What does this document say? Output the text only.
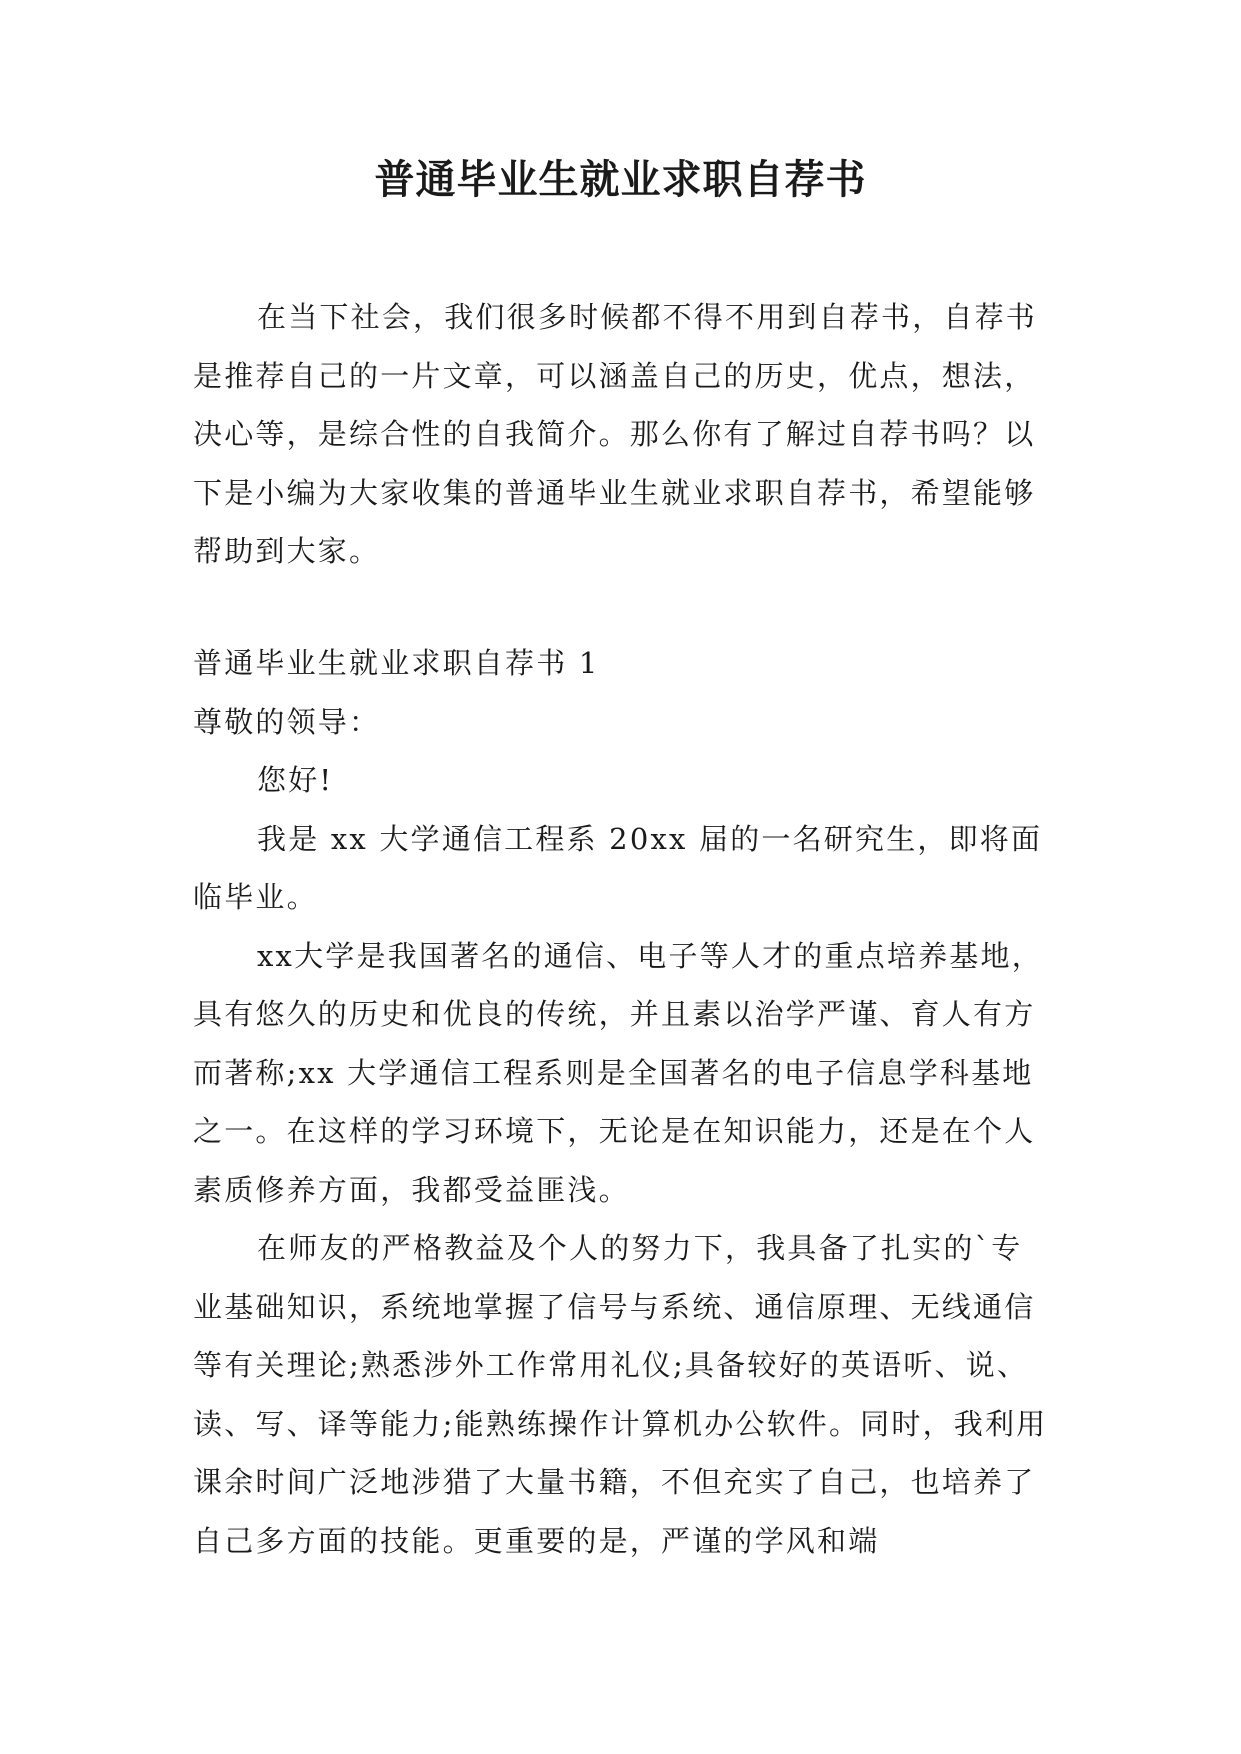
普通毕业生就业求职自荐书

在当下社会，我们很多时候都不得不用到自荐书，自荐书是推荐自己的一片文章，可以涵盖自己的历史，优点，想法，决心等，是综合性的自我简介。那么你有了解过自荐书吗？以下是小编为大家收集的普通毕业生就业求职自荐书，希望能够帮助到大家。

普通毕业生就业求职自荐书 1

尊敬的领导：

您好!

我是 xx 大学通信工程系 20xx 届的一名研究生，即将面临毕业。

xx大学是我国著名的通信、电子等人才的重点培养基地，具有悠久的历史和优良的传统，并且素以治学严谨、育人有方而著称;xx 大学通信工程系则是全国著名的电子信息学科基地之一。在这样的学习环境下，无论是在知识能力，还是在个人素质修养方面，我都受益匪浅。

在师友的严格教益及个人的努力下，我具备了扎实的`专业基础知识，系统地掌握了信号与系统、通信原理、无线通信等有关理论;熟悉涉外工作常用礼仪;具备较好的英语听、说、读、写、译等能力;能熟练操作计算机办公软件。同时，我利用课余时间广泛地涉猎了大量书籍，不但充实了自己，也培养了自己多方面的技能。更重要的是，严谨的学风和端
